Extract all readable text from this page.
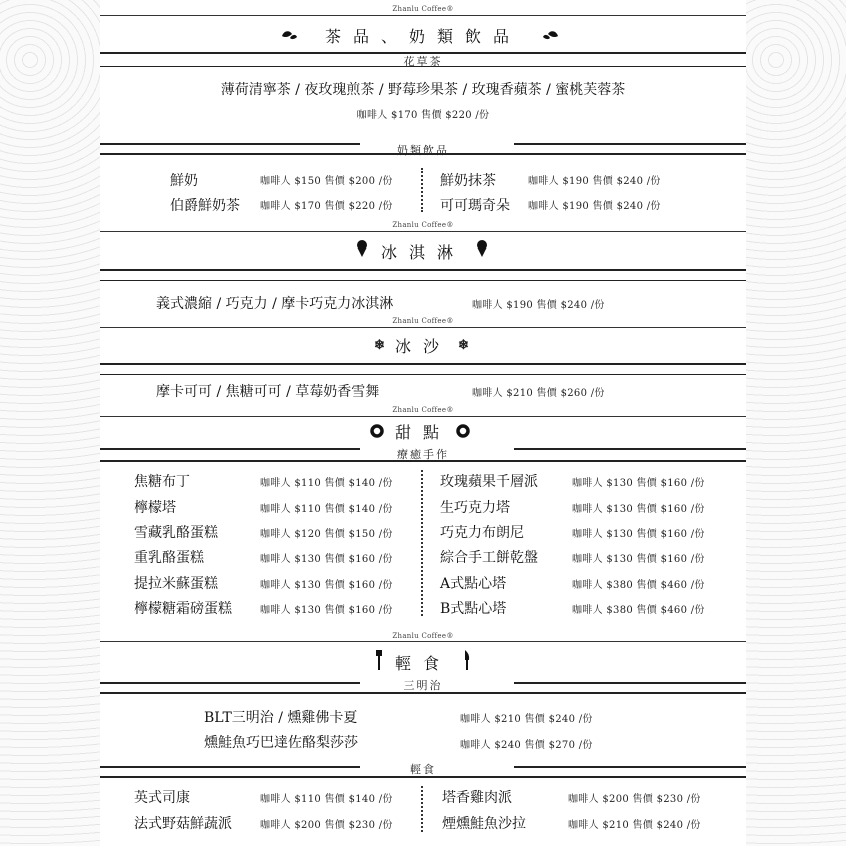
Zhanlu Coffee®
茶品、奶類飲品
花草茶
薄荷清寧茶 / 夜玫瑰煎茶 / 野莓珍果茶 / 玫瑰香蘋茶 / 蜜桃芙蓉茶
咖啡人 $170 售價 $220 /份
奶類飲品
鮮奶	咖啡人 $150 售價 $200 /份
伯爵鮮奶茶 咖啡人 $170 售價 $220 /份
鮮奶抹茶	咖啡人 $190 售價 $240 /份
可可瑪奇朵 咖啡人 $190 售價 $240 /份
Zhanlu Coffee®
冰淇淋
義式濃縮 / 巧克力 / 摩卡巧克力冰淇淋	咖啡人 $190 售價 $240 /份
Zhanlu Coffee®
❄ 冰沙 ❄
摩卡可可 / 焦糖可可 / 草莓奶香雪舞	咖啡人 $210 售價 $260 /份
Zhanlu Coffee®
甜點
療癒手作
焦糖布丁	咖啡人 $110 售價 $140 /份
檸檬塔	咖啡人 $110 售價 $140 /份
雪藏乳酪蛋糕	咖啡人 $120 售價 $150 /份
重乳酪蛋糕	咖啡人 $130 售價 $160 /份
提拉米蘇蛋糕	咖啡人 $130 售價 $160 /份
檸檬糖霜磅蛋糕	咖啡人 $130 售價 $160 /份
玫瑰蘋果千層派	咖啡人 $130 售價 $160 /份
生巧克力塔	咖啡人 $130 售價 $160 /份
巧克力布朗尼	咖啡人 $130 售價 $160 /份
綜合手工餅乾盤	咖啡人 $130 售價 $160 /份
A式點心塔	咖啡人 $380 售價 $460 /份
B式點心塔	咖啡人 $380 售價 $460 /份
Zhanlu Coffee®
輕食
三明治
BLT三明治 / 燻雞佛卡夏	咖啡人 $210 售價 $240 /份
燻鮭魚巧巴達佐酪梨莎莎	咖啡人 $240 售價 $270 /份
輕食
英式司康	咖啡人 $110 售價 $140 /份
法式野菇鮮蔬派	咖啡人 $200 售價 $230 /份
塔香雞肉派	咖啡人 $200 售價 $230 /份
煙燻鮭魚沙拉	咖啡人 $210 售價 $240 /份
